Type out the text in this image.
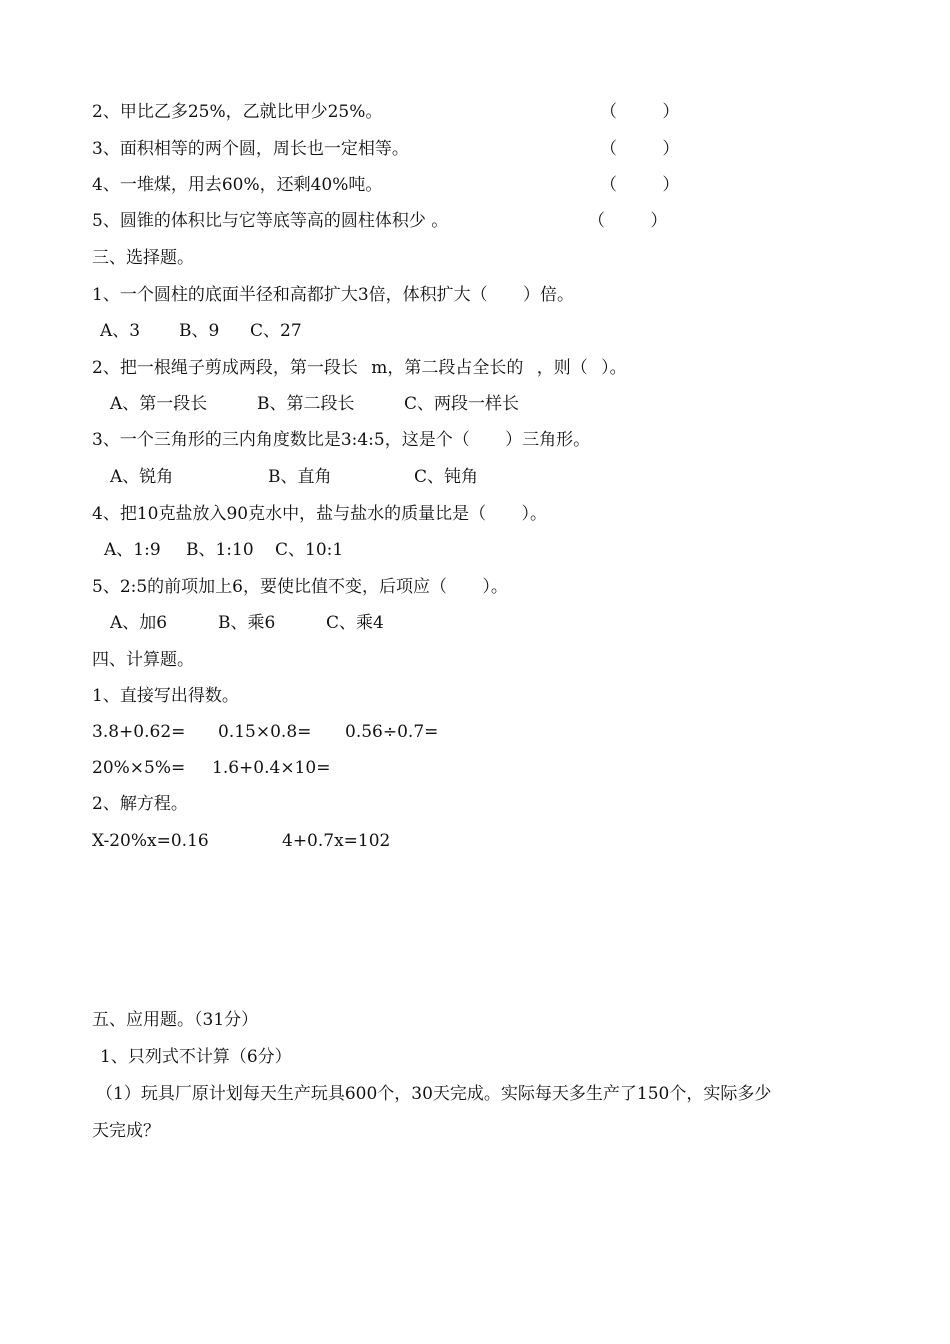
2、甲比乙多25%，乙就比甲少25%。	（ ）
3、面积相等的两个圆，周长也一定相等。	（ ）
4、一堆煤，用去60%，还剩40%吨。	（ ）
5、圆锥的体积比与它等底等高的圆柱体积少 。	（ ）
三、选择题。
1、一个圆柱的底面半径和高都扩大3倍，体积扩大（ ）倍。
A、3 B、9 C、27
2、把一根绳子剪成两段，第一段长 m，第二段占全长的 ，则（ ）。
A、第一段长	B、第二段长	C、两段一样长
3、一个三角形的三内角度数比是3:4:5，这是个（ ）三角形。
A、锐角	B、直角	C、钝角
4、把10克盐放入90克水中，盐与盐水的质量比是（ ）。
A、1:9 B、1:10 C、10:1
5、2:5的前项加上6，要使比值不变，后项应（ ）。
A、加6	B、乘6	C、乘4
四、计算题。
1、直接写出得数。
3.8+0.62= 0.15×0.8= 0.56÷0.7=
20%×5%= 1.6+0.4×10=
2、解方程。
X-20%x=0.16	4+0.7x=102
五、应用题。（31分）
1、只列式不计算（6分）
（1）玩具厂原计划每天生产玩具600个，30天完成。实际每天多生产了150个，实际多少
天完成？
